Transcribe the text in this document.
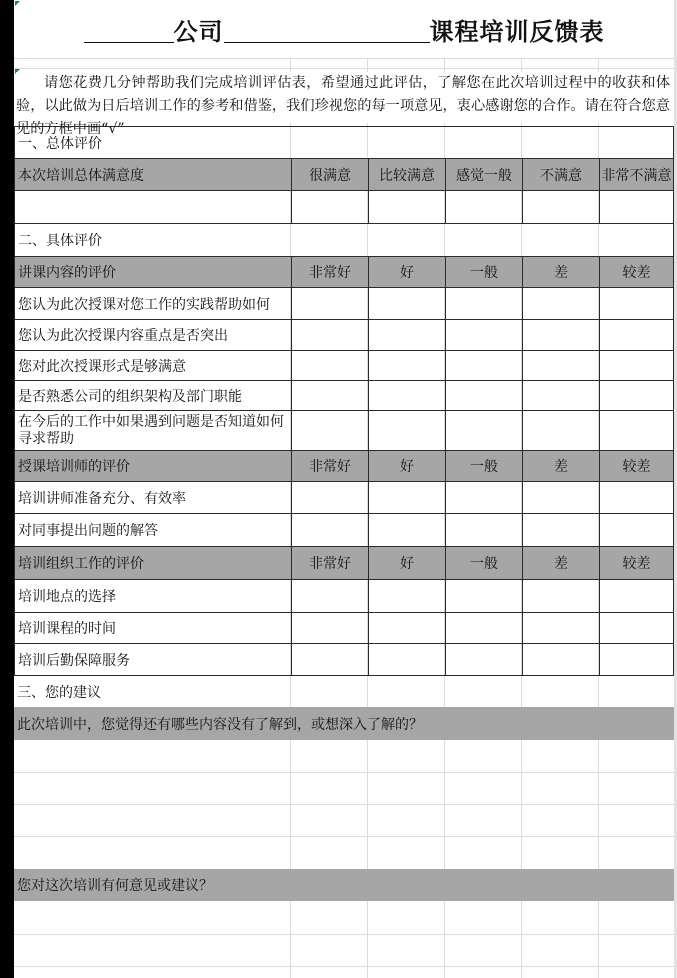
公司	课程培训反馈表
请您花费几分钟帮助我们完成培训评估表，希望通过此评估，了解您在此次培训过程中的收获和体验，以此做为日后培训工作的参考和借鉴，我们珍视您的每一项意见，衷心感谢您的合作。请在符合您意见的方框中画“√”
一、总体评价
本次培训总体满意度	很满意	比较满意	感觉一般	不满意	非常不满意
二、具体评价
讲课内容的评价	非常好	好	一般	差	较差
您认为此次授课对您工作的实践帮助如何
您认为此次授课内容重点是否突出
您对此次授课形式是够满意
是否熟悉公司的组织架构及部门职能
在今后的工作中如果遇到问题是否知道如何寻求帮助
授课培训师的评价	非常好	好	一般	差	较差
培训讲师准备充分、有效率
对同事提出问题的解答
培训组织工作的评价	非常好	好	一般	差	较差
培训地点的选择
培训课程的时间
培训后勤保障服务
三、您的建议
此次培训中，您觉得还有哪些内容没有了解到，或想深入了解的？
您对这次培训有何意见或建议？
